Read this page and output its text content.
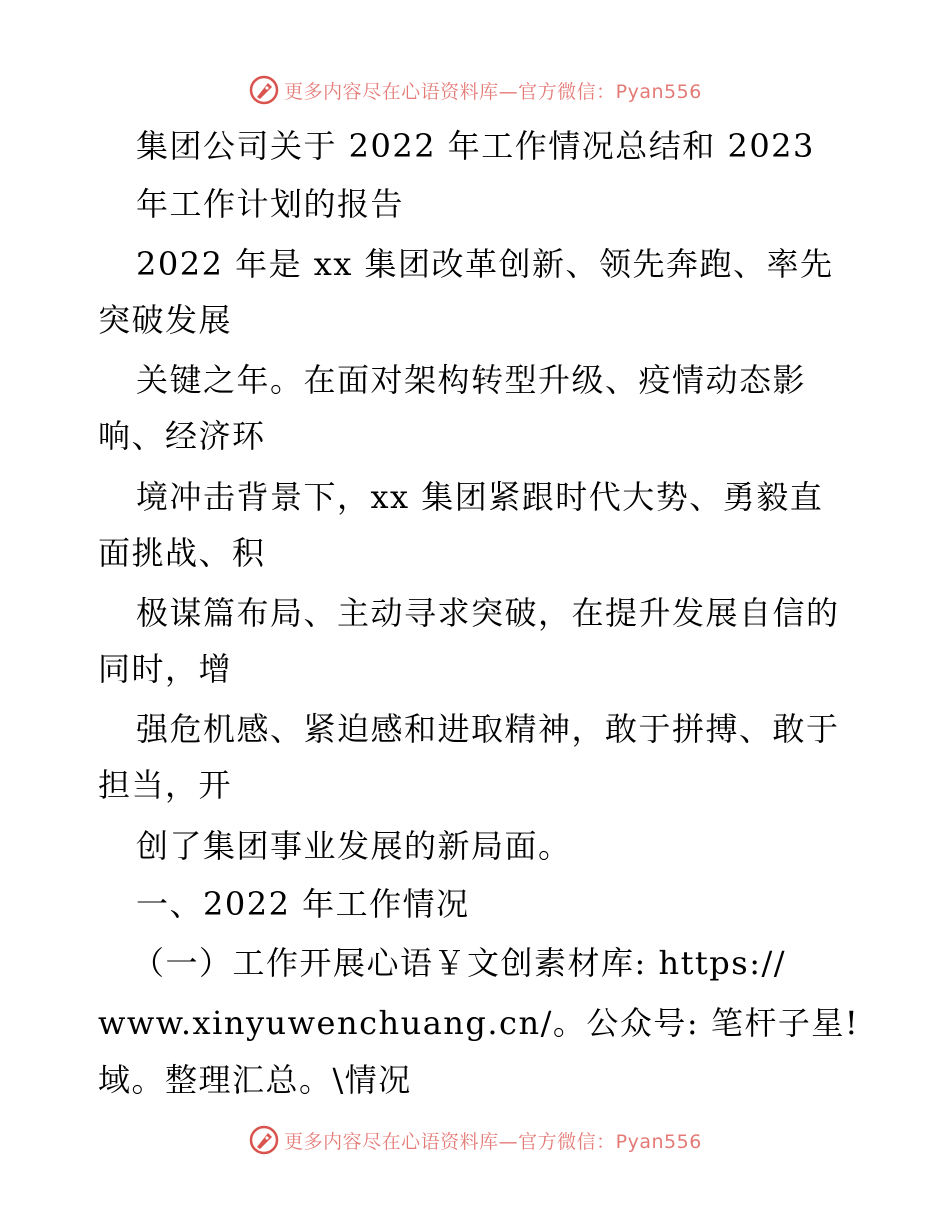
更多内容尽在心语资料库—官方微信：Pyan556
集团公司关于 2022 年工作情况总结和 2023
年工作计划的报告
2022 年是 xx 集团改革创新、领先奔跑、率先
突破发展
关键之年。在面对架构转型升级、疫情动态影
响、经济环
境冲击背景下，xx 集团紧跟时代大势、勇毅直
面挑战、积
极谋篇布局、主动寻求突破，在提升发展自信的
同时，增
强危机感、紧迫感和进取精神，敢于拼搏、敢于
担当，开
创了集团事业发展的新局面。
一、2022 年工作情况
（一）工作开展心语￥文创素材库: https://
www.xinyuwenchuang.cn/。公众号: 笔杆子星!
域。整理汇总。\情况
更多内容尽在心语资料库—官方微信：Pyan556
